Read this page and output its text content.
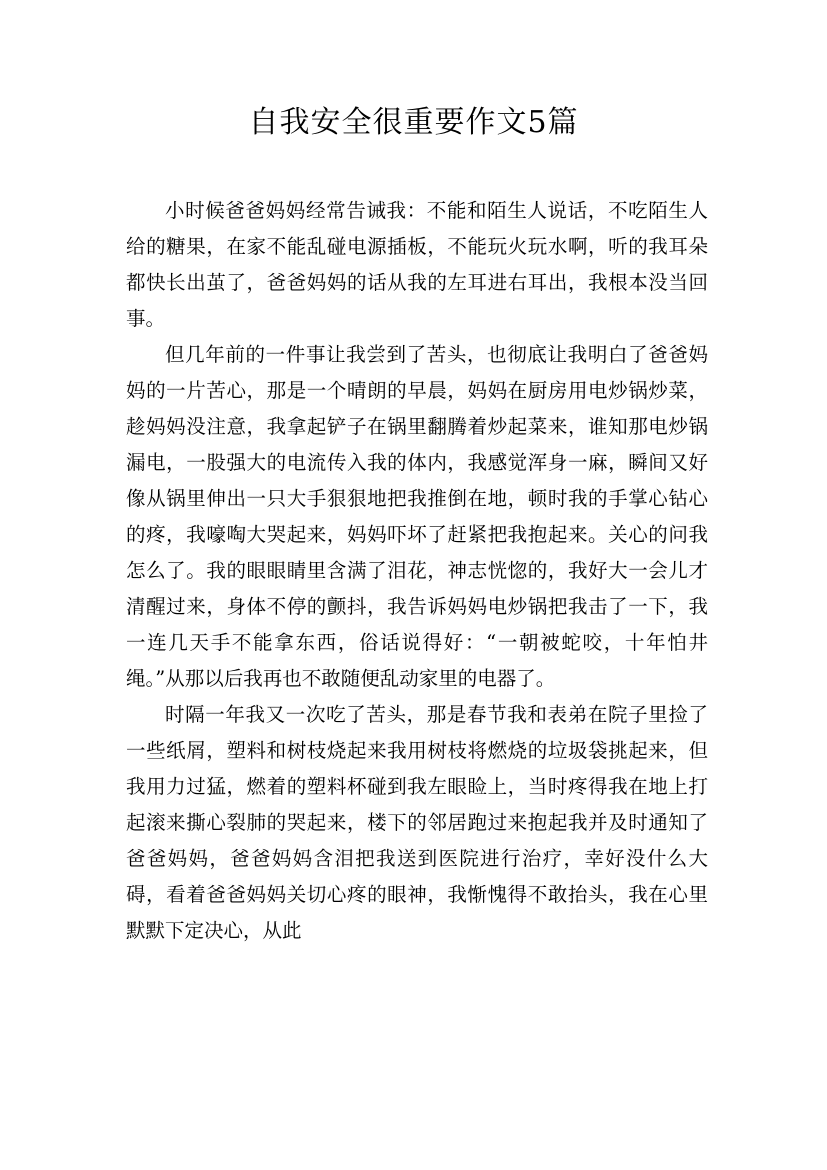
自我安全很重要作文5篇

小时候爸爸妈妈经常告诫我：不能和陌生人说话，不吃陌生人给的糖果，在家不能乱碰电源插板，不能玩火玩水啊，听的我耳朵都快长出茧了，爸爸妈妈的话从我的左耳进右耳出，我根本没当回事。

但几年前的一件事让我尝到了苦头，也彻底让我明白了爸爸妈妈的一片苦心，那是一个晴朗的早晨，妈妈在厨房用电炒锅炒菜，趁妈妈没注意，我拿起铲子在锅里翻腾着炒起菜来，谁知那电炒锅漏电，一股强大的电流传入我的体内，我感觉浑身一麻，瞬间又好像从锅里伸出一只大手狠狠地把我推倒在地，顿时我的手掌心钻心的疼，我嚎啕大哭起来，妈妈吓坏了赶紧把我抱起来。关心的问我怎么了。我的眼眼睛里含满了泪花，神志恍惚的，我好大一会儿才清醒过来，身体不停的颤抖，我告诉妈妈电炒锅把我击了一下，我一连几天手不能拿东西，俗话说得好：“一朝被蛇咬，十年怕井绳。”从那以后我再也不敢随便乱动家里的电器了。

时隔一年我又一次吃了苦头，那是春节我和表弟在院子里捡了一些纸屑，塑料和树枝烧起来我用树枝将燃烧的垃圾袋挑起来，但我用力过猛，燃着的塑料杯碰到我左眼睑上，当时疼得我在地上打起滚来撕心裂肺的哭起来，楼下的邻居跑过来抱起我并及时通知了爸爸妈妈，爸爸妈妈含泪把我送到医院进行治疗，幸好没什么大碍，看着爸爸妈妈关切心疼的眼神，我惭愧得不敢抬头，我在心里默默下定决心，从此
